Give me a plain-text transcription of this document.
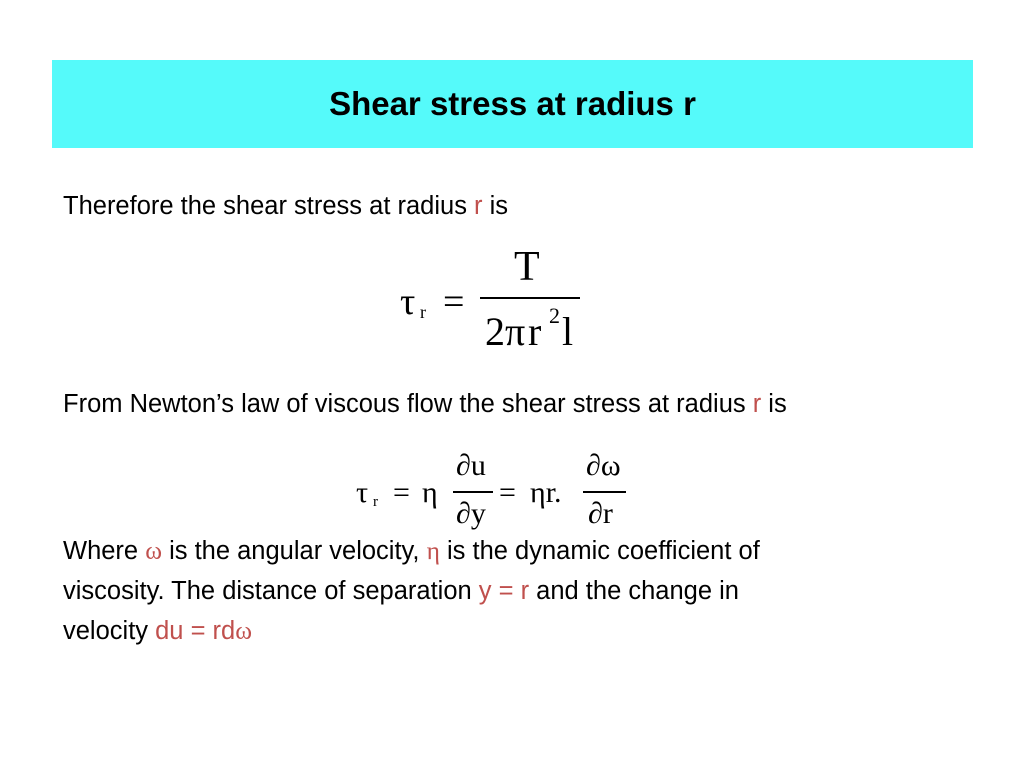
Shear stress at radius r
Therefore the shear stress at radius r is
τ r =
T
2 π r 2 l
From Newton’s law of viscous flow the shear stress at radius r is
τ r = η
∂u
∂y
= ηr.
∂ω
∂r
Where ω is the angular velocity, η is the dynamic coefficient of
viscosity. The distance of separation y = r and the change in
velocity du = rdω
